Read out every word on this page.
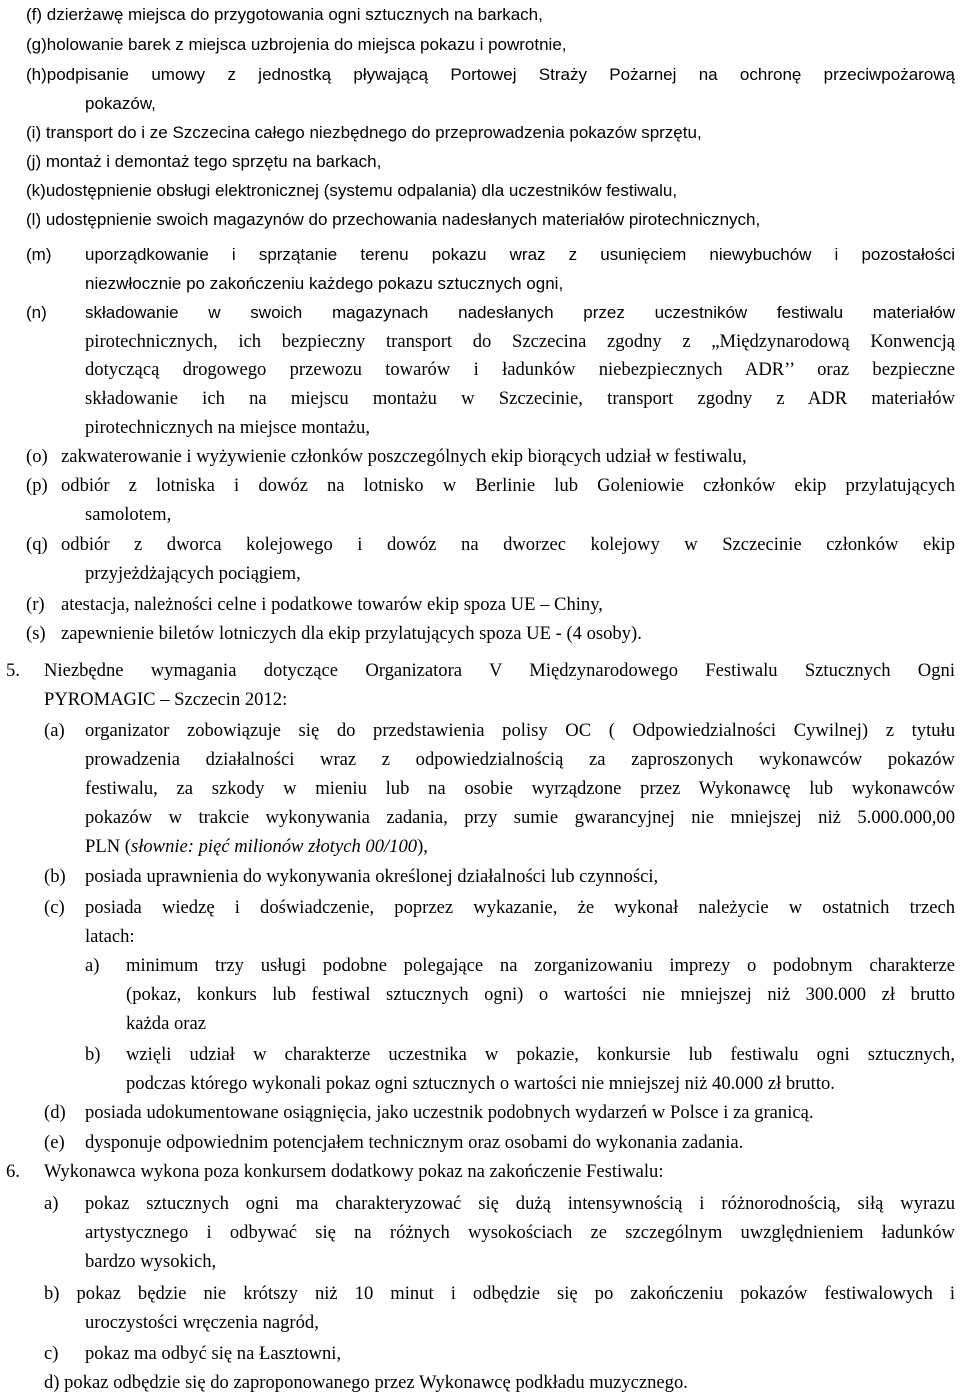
(f) dzierżawę miejsca do przygotowania ogni sztucznych na barkach,
(g)holowanie barek z miejsca uzbrojenia do miejsca pokazu i powrotnie,
(h)podpisanie umowy z jednostką pływającą Portowej Straży Pożarnej na ochronę przeciwpożarową
pokazów,
(i) transport do i ze Szczecina całego niezbędnego do przeprowadzenia pokazów sprzętu,
(j) montaż i demontaż tego sprzętu na barkach,
(k)udostępnienie obsługi elektronicznej (systemu odpalania) dla uczestników festiwalu,
(l) udostępnienie swoich magazynów do przechowania nadesłanych materiałów pirotechnicznych,
(m) uporządkowanie i sprzątanie terenu pokazu wraz z usunięciem niewybuchów i pozostałości
niezwłocznie po zakończeniu każdego pokazu sztucznych ogni,
(n) składowanie w swoich magazynach nadesłanych przez uczestników festiwalu materiałów
pirotechnicznych, ich bezpieczny transport do Szczecina zgodny z „Międzynarodową Konwencją
dotyczącą drogowego przewozu towarów i ładunków niebezpiecznych ADR’’ oraz bezpieczne
składowanie ich na miejscu montażu w Szczecinie, transport zgodny z ADR materiałów
pirotechnicznych na miejsce montażu,
(o) zakwaterowanie i wyżywienie członków poszczególnych ekip biorących udział w festiwalu,
(p) odbiór z lotniska i dowóz na lotnisko w Berlinie lub Goleniowie członków ekip przylatujących
samolotem,
(q) odbiór z dworca kolejowego i dowóz na dworzec kolejowy w Szczecinie członków ekip
przyjeżdżających pociągiem,
(r) atestacja, należności celne i podatkowe towarów ekip spoza UE – Chiny,
(s) zapewnienie biletów lotniczych dla ekip przylatujących spoza UE - (4 osoby).
5. Niezbędne wymagania dotyczące Organizatora V Międzynarodowego Festiwalu Sztucznych Ogni
PYROMAGIC – Szczecin 2012:
(a) organizator zobowiązuje się do przedstawienia polisy OC ( Odpowiedzialności Cywilnej) z tytułu
prowadzenia działalności wraz z odpowiedzialnością za zaproszonych wykonawców pokazów
festiwalu, za szkody w mieniu lub na osobie wyrządzone przez Wykonawcę lub wykonawców
pokazów w trakcie wykonywania zadania, przy sumie gwarancyjnej nie mniejszej niż 5.000.000,00
PLN (słownie: pięć milionów złotych 00/100),
(b) posiada uprawnienia do wykonywania określonej działalności lub czynności,
(c) posiada wiedzę i doświadczenie, poprzez wykazanie, że wykonał należycie w ostatnich trzech
latach:
a) minimum trzy usługi podobne polegające na zorganizowaniu imprezy o podobnym charakterze
(pokaz, konkurs lub festiwal sztucznych ogni) o wartości nie mniejszej niż 300.000 zł brutto
każda oraz
b) wzięli udział w charakterze uczestnika w pokazie, konkursie lub festiwalu ogni sztucznych,
podczas którego wykonali pokaz ogni sztucznych o wartości nie mniejszej niż 40.000 zł brutto.
(d) posiada udokumentowane osiągnięcia, jako uczestnik podobnych wydarzeń w Polsce i za granicą.
(e) dysponuje odpowiednim potencjałem technicznym oraz osobami do wykonania zadania.
6. Wykonawca wykona poza konkursem dodatkowy pokaz na zakończenie Festiwalu:
a) pokaz sztucznych ogni ma charakteryzować się dużą intensywnością i różnorodnością, siłą wyrazu
artystycznego i odbywać się na różnych wysokościach ze szczególnym uwzględnieniem ładunków
bardzo wysokich,
b) pokaz będzie nie krótszy niż 10 minut i odbędzie się po zakończeniu pokazów festiwalowych i
uroczystości wręczenia nagród,
c) pokaz ma odbyć się na Łasztowni,
d) pokaz odbędzie się do zaproponowanego przez Wykonawcę podkładu muzycznego.
